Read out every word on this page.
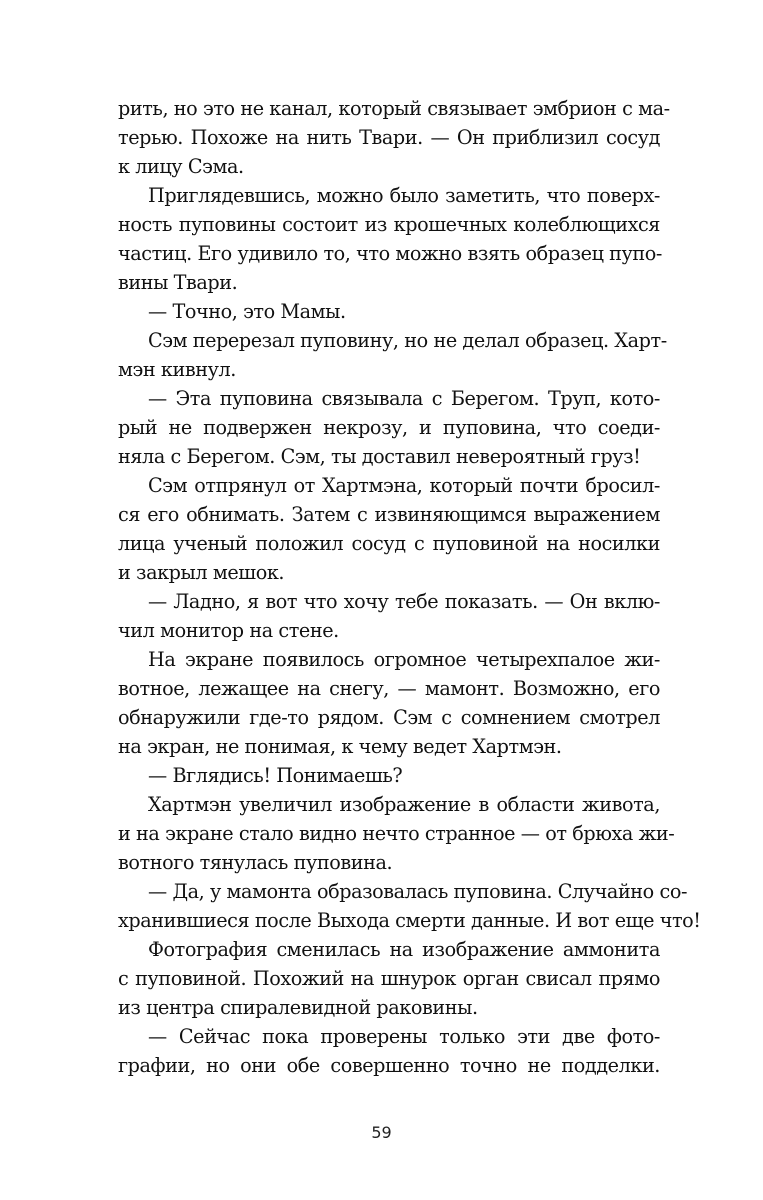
рить, но это не канал, который связывает эмбрион с ма-
терью. Похоже на нить Твари. — Он приблизил сосуд
к лицу Сэма.
Приглядевшись, можно было заметить, что поверх-
ность пуповины состоит из крошечных колеблющихся
частиц. Его удивило то, что можно взять образец пупо-
вины Твари.
— Точно, это Мамы.
Сэм перерезал пуповину, но не делал образец. Харт-
мэн кивнул.
— Эта пуповина связывала с Берегом. Труп, кото-
рый не подвержен некрозу, и пуповина, что соеди-
няла с Берегом. Сэм, ты доставил невероятный груз!
Сэм отпрянул от Хартмэна, который почти бросил-
ся его обнимать. Затем с извиняющимся выражением
лица ученый положил сосуд с пуповиной на носилки
и закрыл мешок.
— Ладно, я вот что хочу тебе показать. — Он вклю-
чил монитор на стене.
На экране появилось огромное четырехпалое жи-
вотное, лежащее на снегу, — мамонт. Возможно, его
обнаружили где-то рядом. Сэм с сомнением смотрел
на экран, не понимая, к чему ведет Хартмэн.
— Вглядись! Понимаешь?
Хартмэн увеличил изображение в области живота,
и на экране стало видно нечто странное — от брюха жи-
вотного тянулась пуповина.
— Да, у мамонта образовалась пуповина. Случайно со-
хранившиеся после Выхода смерти данные. И вот еще что!
Фотография сменилась на изображение аммонита
с пуповиной. Похожий на шнурок орган свисал прямо
из центра спиралевидной раковины.
— Сейчас пока проверены только эти две фото-
графии, но они обе совершенно точно не подделки.
59
